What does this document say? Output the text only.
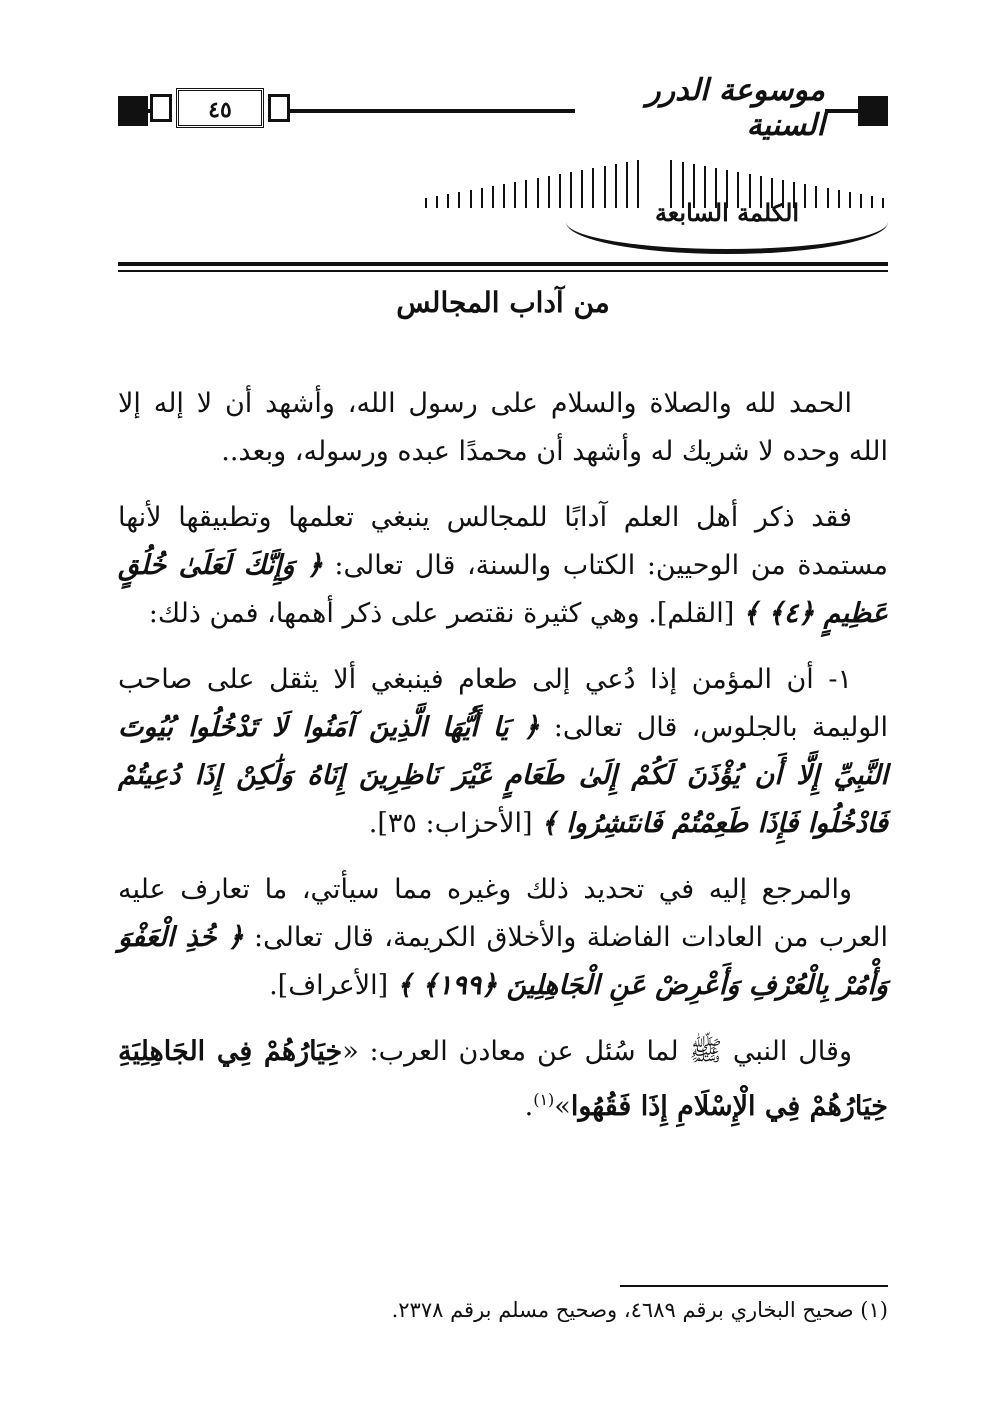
٤٥
موسوعة الدرر السنية
الكلمة السابعة
من آداب المجالس

الحمد لله والصلاة والسلام على رسول الله، وأشهد أن لا إله إلا الله وحده لا شريك له وأشهد أن محمدًا عبده ورسوله، وبعد..

فقد ذكر أهل العلم آدابًا للمجالس ينبغي تعلمها وتطبيقها لأنها مستمدة من الوحيين: الكتاب والسنة، قال تعالى: ﴿ وَإِنَّكَ لَعَلَىٰ خُلُقٍ عَظِيمٍ ﴿٤﴾ ﴾ [القلم]. وهي كثيرة نقتصر على ذكر أهمها، فمن ذلك:

١- أن المؤمن إذا دُعي إلى طعام فينبغي ألا يثقل على صاحب الوليمة بالجلوس، قال تعالى: ﴿ يَا أَيُّهَا الَّذِينَ آمَنُوا لَا تَدْخُلُوا بُيُوتَ النَّبِيِّ إِلَّا أَن يُؤْذَنَ لَكُمْ إِلَىٰ طَعَامٍ غَيْرَ نَاظِرِينَ إِنَاهُ وَلَٰكِنْ إِذَا دُعِيتُمْ فَادْخُلُوا فَإِذَا طَعِمْتُمْ فَانتَشِرُوا ﴾ [الأحزاب: ٣٥].

والمرجع إليه في تحديد ذلك وغيره مما سيأتي، ما تعارف عليه العرب من العادات الفاضلة والأخلاق الكريمة، قال تعالى: ﴿ خُذِ الْعَفْوَ وَأْمُرْ بِالْعُرْفِ وَأَعْرِضْ عَنِ الْجَاهِلِينَ ﴿١٩٩﴾ ﴾ [الأعراف].

وقال النبي ﷺ لما سُئل عن معادن العرب: «خِيَارُهُمْ فِي الجَاهِلِيَةِ خِيَارُهُمْ فِي الْإِسْلَامِ إِذَا فَقُهُوا»$^{(١)}$.

(١) صحيح البخاري برقم ٤٦٨٩، وصحيح مسلم برقم ٢٣٧٨.
